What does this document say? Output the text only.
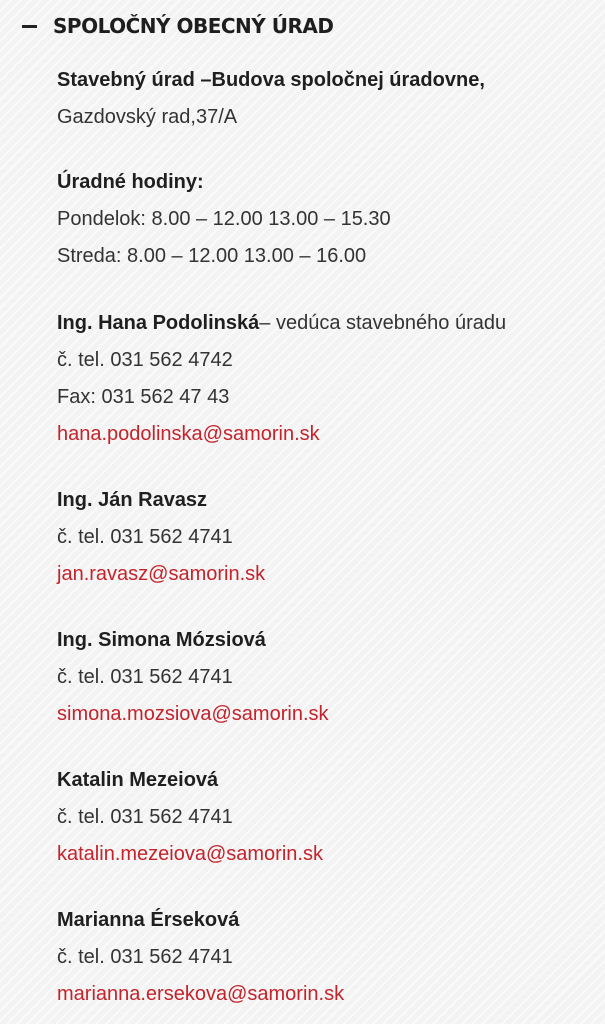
SPOLOČNÝ OBECNÝ ÚRAD
Stavebný úrad –Budova spoločnej úradovne,
Gazdovský rad,37/A
Úradné hodiny:
Pondelok: 8.00 – 12.00 13.00 – 15.30
Streda: 8.00 – 12.00 13.00 – 16.00
Ing. Hana Podolinská– vedúca stavebného úradu
č. tel. 031 562 4742
Fax: 031 562 47 43
hana.podolinska@samorin.sk
Ing. Ján Ravasz
č. tel. 031 562 4741
jan.ravasz@samorin.sk
Ing. Simona Mózsiová
č. tel. 031 562 4741
simona.mozsiova@samorin.sk
Katalin Mezeiová
č. tel. 031 562 4741
katalin.mezeiova@samorin.sk
Marianna Érseková
č. tel. 031 562 4741
marianna.ersekova@samorin.sk
